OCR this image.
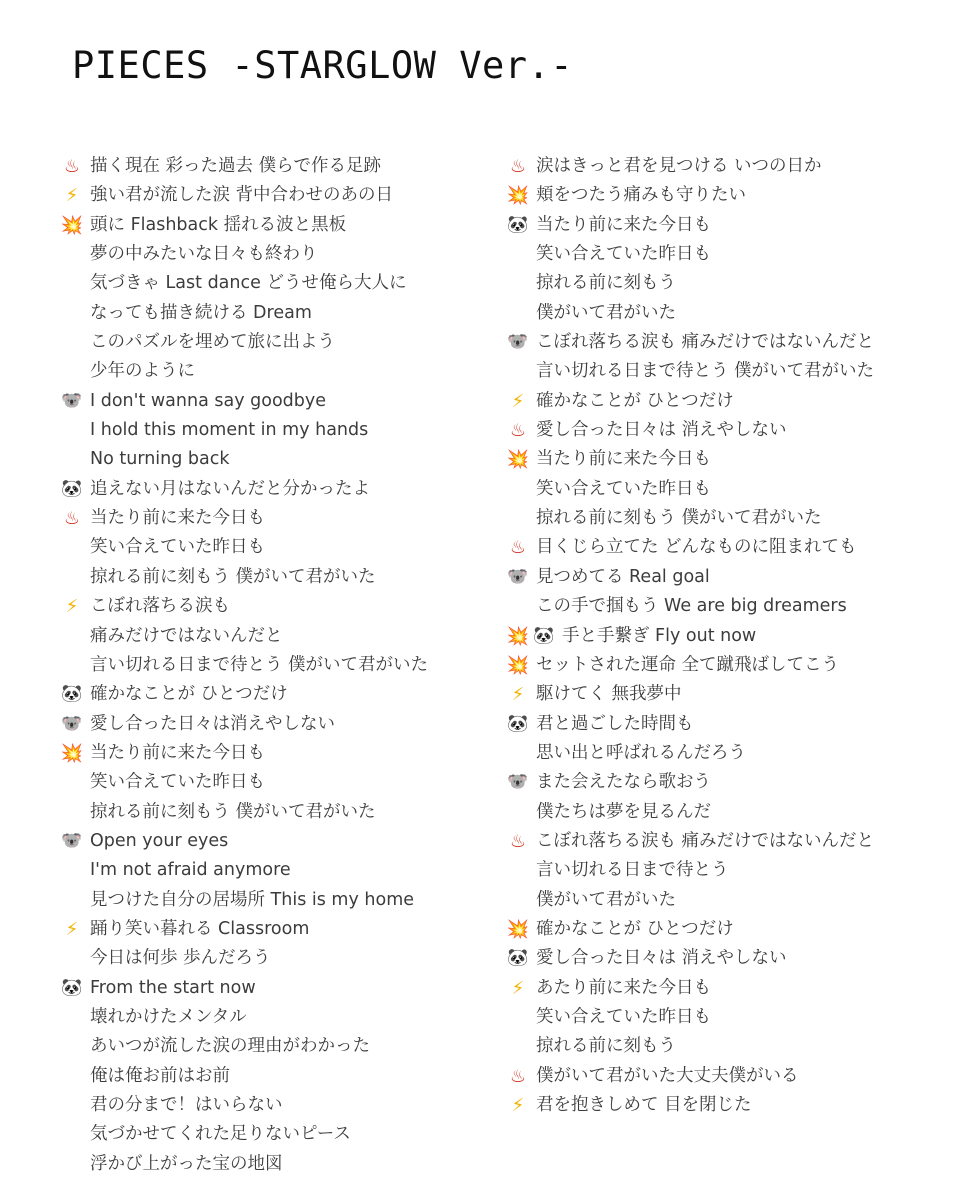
PIECES -STARGLOW Ver.-
♨ 描く現在 彩った過去 僕らで作る足跡
⚡ 強い君が流した涙 背中合わせのあの日
💥 頭に Flashback 揺れる波と黒板
夢の中みたいな日々も終わり
気づきゃ Last dance どうせ俺ら大人に
なっても描き続ける Dream
このパズルを埋めて旅に出よう
少年のように
🐨 I don't wanna say goodbye
I hold this moment in my hands
No turning back
🐼 追えない月はないんだと分かったよ
♨ 当たり前に来た今日も
笑い合えていた昨日も
掠れる前に刻もう 僕がいて君がいた
⚡ こぼれ落ちる涙も
痛みだけではないんだと
言い切れる日まで待とう 僕がいて君がいた
🐼 確かなことが ひとつだけ
🐨 愛し合った日々は消えやしない
💥 当たり前に来た今日も
笑い合えていた昨日も
掠れる前に刻もう 僕がいて君がいた
🐨 Open your eyes
I'm not afraid anymore
見つけた自分の居場所 This is my home
⚡ 踊り笑い暮れる Classroom
今日は何歩 歩んだろう
🐼 From the start now
壊れかけたメンタル
あいつが流した涙の理由がわかった
俺は俺お前はお前
君の分まで！はいらない
気づかせてくれた足りないピース
浮かび上がった宝の地図
♨ 涙はきっと君を見つける いつの日か
💥 頬をつたう痛みも守りたい
🐼 当たり前に来た今日も
笑い合えていた昨日も
掠れる前に刻もう
僕がいて君がいた
🐨 こぼれ落ちる涙も 痛みだけではないんだと
言い切れる日まで待とう 僕がいて君がいた
⚡ 確かなことが ひとつだけ
♨ 愛し合った日々は 消えやしない
💥 当たり前に来た今日も
笑い合えていた昨日も
掠れる前に刻もう 僕がいて君がいた
♨ 目くじら立てた どんなものに阻まれても
🐨 見つめてる Real goal
この手で掴もう We are big dreamers
💥 🐼 手と手繋ぎ Fly out now
💥 セットされた運命 全て蹴飛ばしてこう
⚡ 駆けてく 無我夢中
🐼 君と過ごした時間も
思い出と呼ばれるんだろう
🐨 また会えたなら歌おう
僕たちは夢を見るんだ
♨ こぼれ落ちる涙も 痛みだけではないんだと
言い切れる日まで待とう
僕がいて君がいた
💥 確かなことが ひとつだけ
🐼 愛し合った日々は 消えやしない
⚡ あたり前に来た今日も
笑い合えていた昨日も
掠れる前に刻もう
♨ 僕がいて君がいた大丈夫僕がいる
⚡ 君を抱きしめて 目を閉じた
